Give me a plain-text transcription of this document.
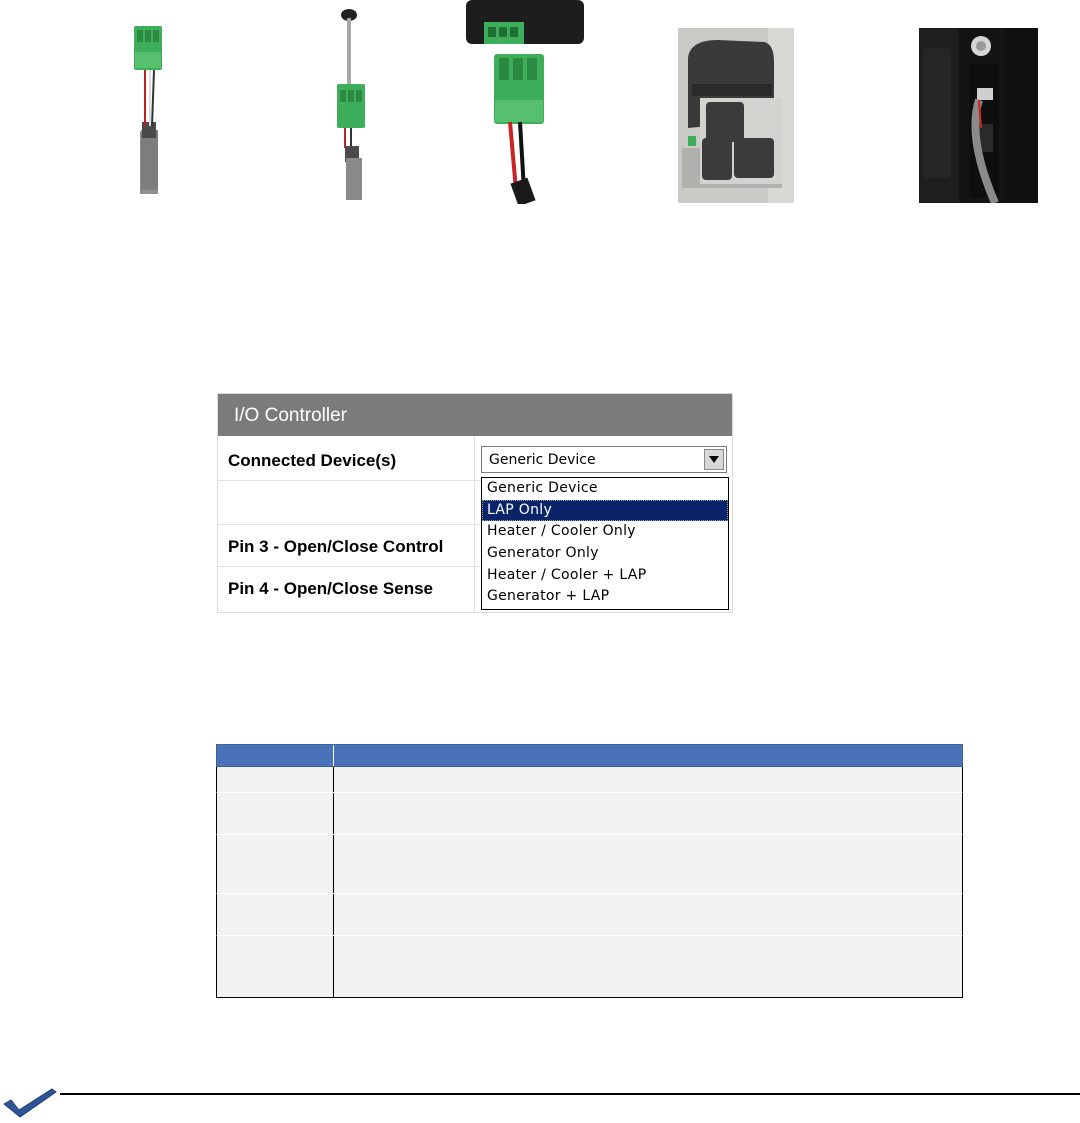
I/O Controller
Connected Device(s)
Pin 3 - Open/Close Control
Pin 4 - Open/Close Sense
Generic Device
Generic Device
LAP Only
Heater / Cooler Only
Generator Only
Heater / Cooler + LAP
Generator + LAP
